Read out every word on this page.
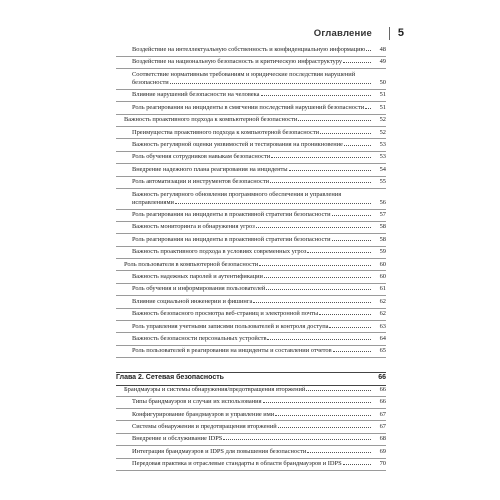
Оглавление 5
Воздействие на интеллектуальную собственность и конфиденциальную информацию 48
Воздействие на национальную безопасность и критическую инфраструктуру	49
Соответствие нормативным требованиям и юридические последствия нарушений безопасности	50
Влияние нарушений безопасности на человека	51
Роль реагирования на инциденты в смягчении последствий нарушений безопасности 51
Важность проактивного подхода к компьютерной безопасности	52
Преимущества проактивного подхода к компьютерной безопасности	52
Важность регулярной оценки уязвимостей и тестирования на проникновение	53
Роль обучения сотрудников навыкам безопасности	53
Внедрение надежного плана реагирования на инциденты	54
Роль автоматизации и инструментов безопасности	55
Важность регулярного обновления программного обеспечения и управления исправлениями	56
Роль реагирования на инциденты в проактивной стратегии безопасности	57
Важность мониторинга и обнаружения угроз	58
Роль реагирования на инциденты в проактивной стратегии безопасности	58
Важность проактивного подхода в условиях современных угроз	59
Роль пользователя в компьютерной безопасности	60
Важность надежных паролей и аутентификации	60
Роль обучения и информирования пользователей	61
Влияние социальной инженерии и фишинга	62
Важность безопасного просмотра веб-страниц и электронной почты	62
Роль управления учетными записями пользователей и контроля доступа	63
Важность безопасности персональных устройств	64
Роль пользователей в реагировании на инциденты и составлении отчетов	65
Глава 2. Сетевая безопасность	66
Брандмауэры и системы обнаружения/предотвращения вторжений	66
Типы брандмауэров и случаи их использования	66
Конфигурирование брандмауэров и управление ими	67
Системы обнаружения и предотвращения вторжений	67
Внедрение и обслуживание IDPS	68
Интеграция брандмауэров и IDPS для повышения безопасности	69
Передовая практика и отраслевые стандарты в области брандмауэров и IDPS	70
